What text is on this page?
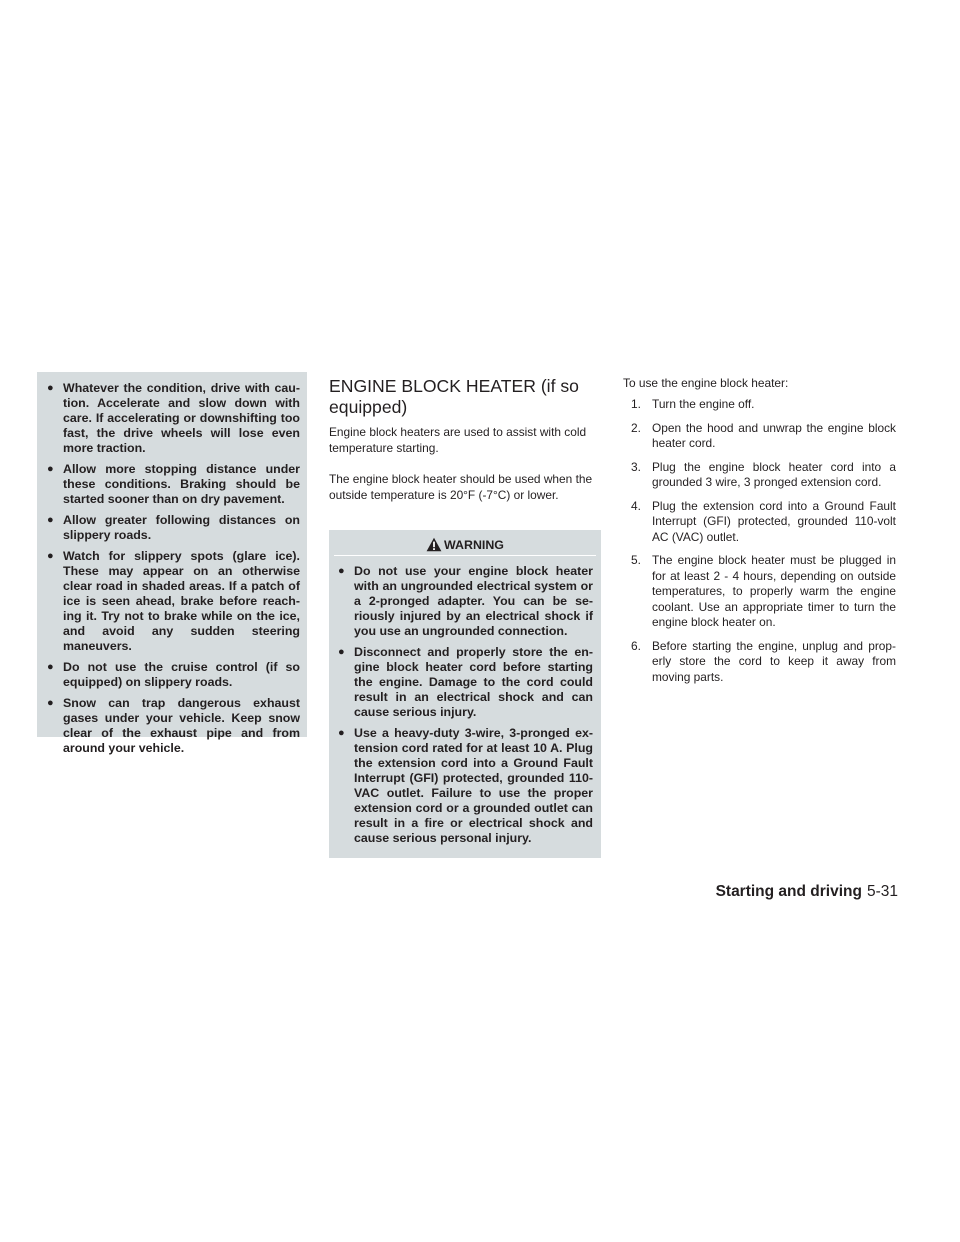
● Whatever the condition, drive with cau-tion. Accelerate and slow down with care. If accelerating or downshifting too fast, the drive wheels will lose even more traction.
● Allow more stopping distance under these conditions. Braking should be started sooner than on dry pavement.
● Allow greater following distances on slippery roads.
● Watch for slippery spots (glare ice). These may appear on an otherwise clear road in shaded areas. If a patch of ice is seen ahead, brake before reach-ing it. Try not to brake while on the ice, and avoid any sudden steering maneuvers.
● Do not use the cruise control (if so equipped) on slippery roads.
● Snow can trap dangerous exhaust gases under your vehicle. Keep snow clear of the exhaust pipe and from around your vehicle.
ENGINE BLOCK HEATER (if so equipped)

Engine block heaters are used to assist with cold temperature starting.

The engine block heater should be used when the outside temperature is 20°F (-7°C) or lower.

WARNING
● Do not use your engine block heater with an ungrounded electrical system or a 2-pronged adapter. You can be se-riously injured by an electrical shock if you use an ungrounded connection.
● Disconnect and properly store the en-gine block heater cord before starting the engine. Damage to the cord could result in an electrical shock and can cause serious injury.
● Use a heavy-duty 3-wire, 3-pronged ex-tension cord rated for at least 10 A. Plug the extension cord into a Ground Fault Interrupt (GFI) protected, grounded 110-VAC outlet. Failure to use the proper extension cord or a grounded outlet can result in a fire or electrical shock and cause serious personal injury.

To use the engine block heater:

1. Turn the engine off.
2. Open the hood and unwrap the engine block heater cord.
3. Plug the engine block heater cord into a grounded 3 wire, 3 pronged extension cord.
4. Plug the extension cord into a Ground Fault Interrupt (GFI) protected, grounded 110-volt AC (VAC) outlet.
5. The engine block heater must be plugged in for at least 2 - 4 hours, depending on outside temperatures, to properly warm the engine coolant. Use an appropriate timer to turn the engine block heater on.
6. Before starting the engine, unplug and prop-erly store the cord to keep it away from moving parts.
Starting and driving 5-31
